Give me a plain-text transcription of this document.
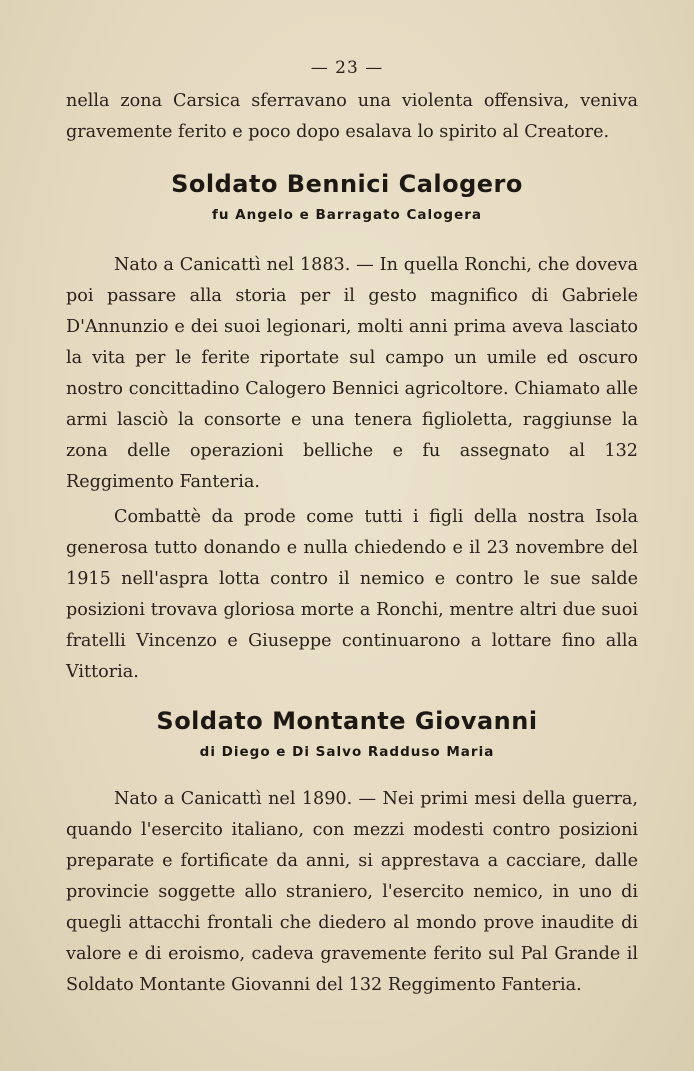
— 23 —

nella zona Carsica sferravano una violenta offensiva, veniva gravemente ferito e poco dopo esalava lo spirito al Creatore.

Soldato Bennici Calogero
fu Angelo e Barragato Calogera

Nato a Canicattì nel 1883. — In quella Ronchi, che doveva poi passare alla storia per il gesto magnifico di Gabriele D'Annunzio e dei suoi legionari, molti anni prima aveva lasciato la vita per le ferite riportate sul campo un umile ed oscuro nostro concittadino Calogero Bennici agricoltore. Chiamato alle armi lasciò la consorte e una tenera figlioletta, raggiunse la zona delle operazioni belliche e fu assegnato al 132 Reggimento Fanteria.

Combattè da prode come tutti i figli della nostra Isola generosa tutto donando e nulla chiedendo e il 23 novembre del 1915 nell'aspra lotta contro il nemico e contro le sue salde posizioni trovava gloriosa morte a Ronchi, mentre altri due suoi fratelli Vincenzo e Giuseppe continuarono a lottare fino alla Vittoria.

Soldato Montante Giovanni
di Diego e Di Salvo Radduso Maria

Nato a Canicattì nel 1890. — Nei primi mesi della guerra, quando l'esercito italiano, con mezzi modesti contro posizioni preparate e fortificate da anni, si apprestava a cacciare, dalle provincie soggette allo straniero, l'esercito nemico, in uno di quegli attacchi frontali che diedero al mondo prove inaudite di valore e di eroismo, cadeva gravemente ferito sul Pal Grande il Soldato Montante Giovanni del 132 Reggimento Fanteria.
